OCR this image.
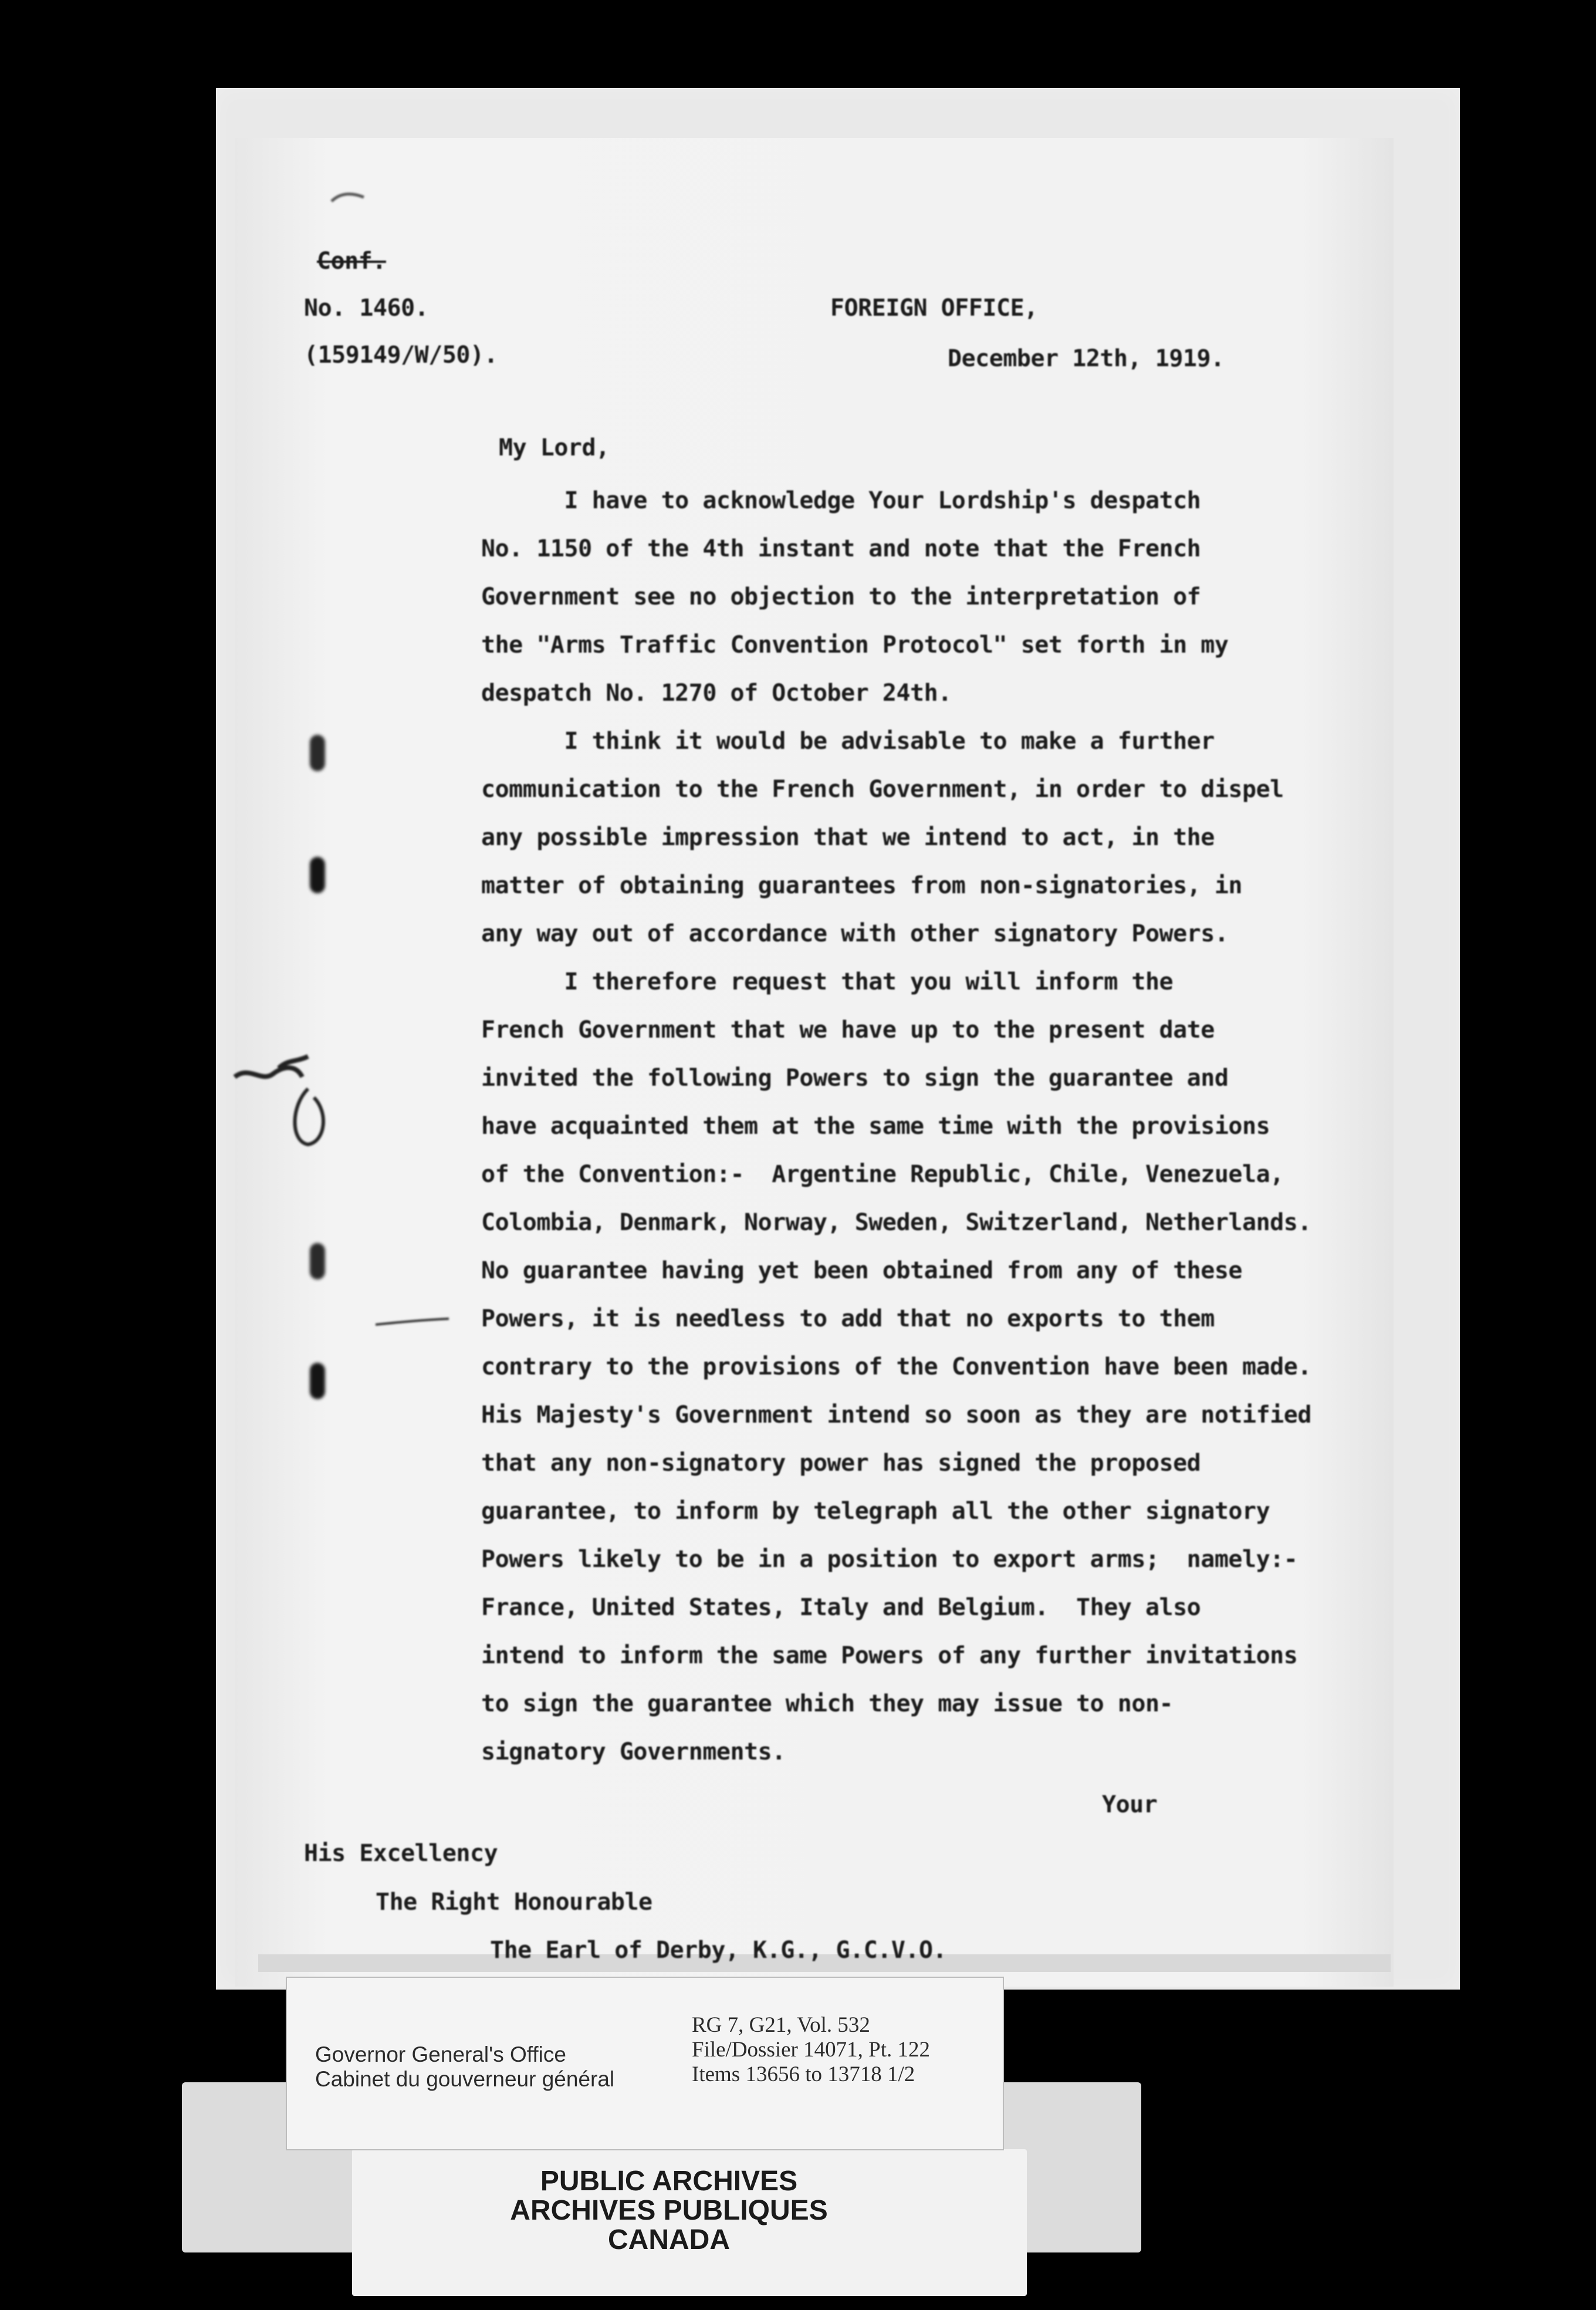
Conf.
No. 1460.
(159149/W/50).
FOREIGN OFFICE,
December 12th, 1919.
My Lord,
I have to acknowledge Your Lordship's despatch
No. 1150 of the 4th instant and note that the French
Government see no objection to the interpretation of
the "Arms Traffic Convention Protocol" set forth in my
despatch No. 1270 of October 24th.
I think it would be advisable to make a further
communication to the French Government, in order to dispel
any possible impression that we intend to act, in the
matter of obtaining guarantees from non-signatories, in
any way out of accordance with other signatory Powers.
I therefore request that you will inform the
French Government that we have up to the present date
invited the following Powers to sign the guarantee and
have acquainted them at the same time with the provisions
of the Convention:-  Argentine Republic, Chile, Venezuela,
Colombia, Denmark, Norway, Sweden, Switzerland, Netherlands.
No guarantee having yet been obtained from any of these
Powers, it is needless to add that no exports to them
contrary to the provisions of the Convention have been made.
His Majesty's Government intend so soon as they are notified
that any non-signatory power has signed the proposed
guarantee, to inform by telegraph all the other signatory
Powers likely to be in a position to export arms;  namely:-
France, United States, Italy and Belgium.  They also
intend to inform the same Powers of any further invitations
to sign the guarantee which they may issue to non-
signatory Governments.
Your
His Excellency
The Right Honourable
The Earl of Derby, K.G., G.C.V.O.
PUBLIC ARCHIVES
ARCHIVES PUBLIQUES
CANADA
Governor General's Office
Cabinet du gouverneur général
RG 7, G21, Vol. 532
File/Dossier 14071, Pt. 122
Items 13656 to 13718 1/2
